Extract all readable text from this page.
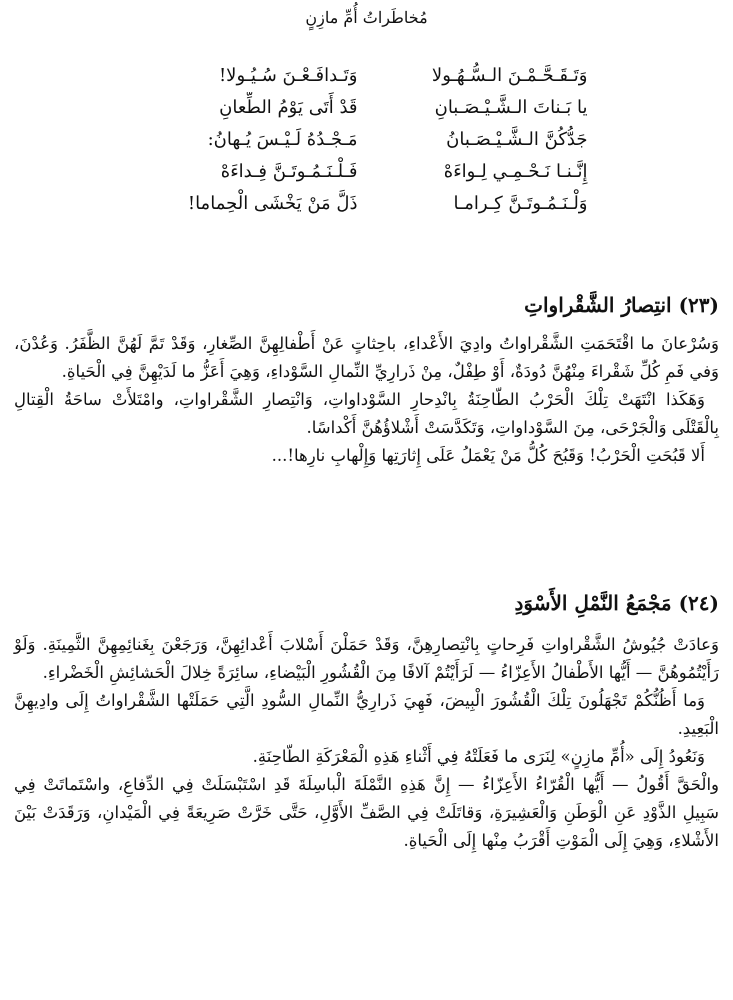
مُخاطَراتُ أُمِّ مازِنٍ
وَتَـقَـحَّـمْـنَ الـسُّـهُـولا
وَتَـدافَـعْـنَ سُـيُـولا!
يا بَـناتَ الـشَّـيْـصَـبانِ
قَدْ أَتَى يَوْمُ الطِّعانِ
جَدُّكُنَّ الـشَّـيْـصَـبانُ
مَـجْـدُهُ لَـيْـسَ يُـهانُ:
إِنَّـنـا نَـحْـمِـي لِـواءَهْ
فَـلْـنَـمُـوتَـنَّ فِـداءَهْ
وَلْـنَـمُـوتَـنَّ كِـرامـا
ذَلَّ مَنْ يَخْشَى الْحِماما!
(٢٣) انتِصارُ الشَّقْراواتِ

وَسُرْعانَ ما اقْتَحَمَتِ الشَّقْراواتُ وادِيَ الأَعْداءِ، باحِثاتٍ عَنْ أَطْفالِهِنَّ الصِّغارِ، وَقَدْ تَمَّ لَهُنَّ الظَّفَرُ. وَعُدْنَ، وَفي فَمِ كُلِّ شَقْراءَ مِنْهُنَّ دُودَةٌ، أَوْ طِفْلٌ، مِنْ ذَرارِيِّ النِّمالِ السَّوْداءِ، وَهِيَ أَعَزُّ ما لَدَيْهِنَّ فِي الْحَياةِ.

وَهَكَذا انْتَهَتْ تِلْكَ الْحَرْبُ الطّاحِنَةُ بِانْدِحارِ السَّوْداواتِ، وَانْتِصارِ الشَّقْراواتِ، وامْتَلأَتْ ساحَةُ الْقِتالِ بِالْقَتْلَى وَالْجَرْحَى، مِنَ السَّوْداواتِ، وَتَكَدَّسَتْ أَشْلاؤُهُنَّ أَكْداسًا.

أَلا قَبُحَتِ الْحَرْبُ! وَقَبُحَ كُلُّ مَنْ يَعْمَلُ عَلَى إِثارَتِها وَإِلْهابِ نارِها!...

(٢٤) مَجْمَعُ النَّمْلِ الأَسْوَدِ

وَعادَتْ جُيُوشُ الشَّقْراواتِ فَرِحاتٍ بِانْتِصارِهِنَّ، وَقَدْ حَمَلْنَ أَسْلابَ أَعْدائِهِنَّ، وَرَجَعْنَ بِغَنائِمِهِنَّ الثَّمِينَةِ. وَلَوْ رَأَيْتُمُوهُنَّ — أَيُّها الأَطْفالُ الأَعِزّاءُ — لَرَأَيْتُمْ آلافًا مِنَ الْقُشُورِ الْبَيْضاءِ، سائِرَةً خِلالَ الْحَشائِشِ الْخَضْراءِ.

وَما أَظُنُّكُمْ تَجْهَلُونَ تِلْكَ الْقُشُورَ الْبِيضَ، فَهِيَ ذَرارِيُّ النِّمالِ السُّودِ الَّتِي حَمَلَتْها الشَّقْراواتُ إِلَى وادِيهِنَّ الْبَعِيدِ.

وَنَعُودُ إِلَى «أُمِّ مازِنٍ» لِنَرَى ما فَعَلَتْهُ فِي أَثْناءِ هَذِهِ الْمَعْرَكَةِ الطّاحِنَةِ.

والْحَقَّ أَقُولُ — أَيُّها الْقُرّاءُ الأَعِزّاءُ — إِنَّ هَذِهِ النَّمْلَةَ الْباسِلَةَ قَدِ اسْتَبْسَلَتْ فِي الدِّفاعِ، واسْتَماتَتْ فِي سَبِيلِ الذَّوْدِ عَنِ الْوَطَنِ وَالْعَشِيرَةِ، وَقاتَلَتْ فِي الصَّفِّ الأَوَّلِ، حَتَّى خَرَّتْ صَرِيعَةً فِي الْمَيْدانِ، وَرَقَدَتْ بَيْنَ الأَشْلاءِ، وَهِيَ إِلَى الْمَوْتِ أَقْرَبُ مِنْها إِلَى الْحَياةِ.
